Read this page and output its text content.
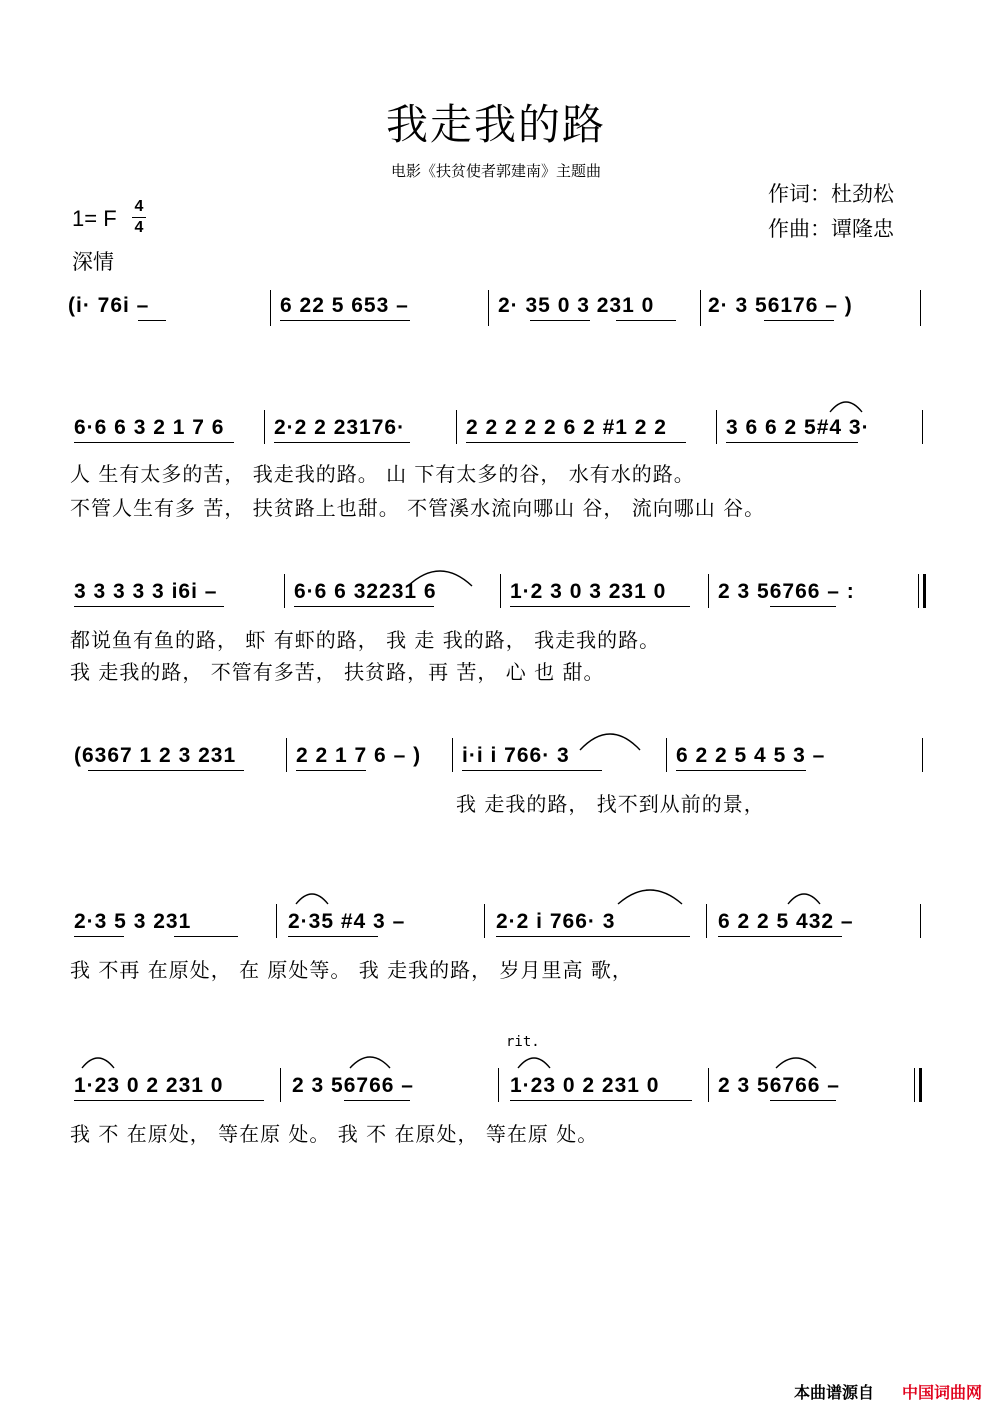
我走我的路
电影《扶贫使者郭建南》主题曲
作词：杜劲松
作曲：谭隆忠
1= F 4
4
深情
(i· 76i –	6 22 5 653 –	2· 35 0 3 231 0	2· 3 56176 – )
6·6 6 3 2 1 7 6 2·2 2 23176·	2 2 2 2 2 6 2 #1 2 2	3 6 6 2 5#4 3·
人 生有太多的苦， 我走我的路。 山 下有太多的谷， 水有水的路。
不管人生有多 苦， 扶贫路上也甜。 不管溪水流向哪山 谷， 流向哪山 谷。
3 3 3 3 3 i6i –	6·6 6 32231 6	1·2 3 0 3 231 0 2 3 56766 – :
都说鱼有鱼的路， 虾 有虾的路， 我 走 我的路， 我走我的路。
我 走我的路， 不管有多苦， 扶贫路，再 苦， 心 也 甜。
(6367 1 2 3 231	2 2 1 7 6 – ) i·i i 766· 3	6 2 2 5 4 5 3 –
我 走我的路， 找不到从前的景，
2·3 5 3 231	2·35 #4 3 –	2·2 i 766· 3	6 2 2 5 432 –
我 不再 在原处， 在 原处等。 我 走我的路， 岁月里高 歌，
rit.
1·23 0 2 231 0	2 3 56766 –	1·23 0 2 231 0	2 3 56766 –
我 不 在原处， 等在原 处。 我 不 在原处， 等在原 处。
本曲谱源自 中国词曲网
